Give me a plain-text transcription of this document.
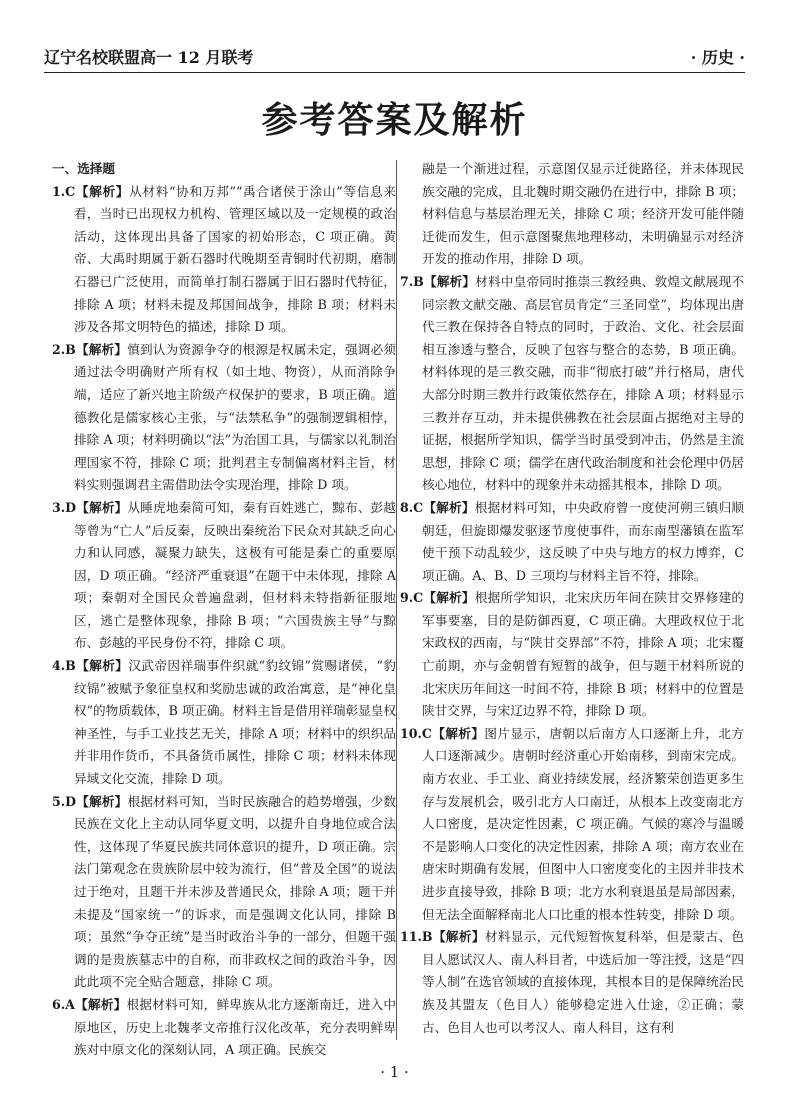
辽宁名校联盟高一 12 月联考	· 历史 ·
参考答案及解析

一、选择题

1.C【解析】从材料“协和万邦”“禹合诸侯于涂山”等信息来看，当时已出现权力机构、管理区域以及一定规模的政治活动，这体现出具备了国家的初始形态，C 项正确。黄帝、大禹时期属于新石器时代晚期至青铜时代初期，磨制石器已广泛使用，而简单打制石器属于旧石器时代特征，排除 A 项；材料未提及邦国间战争，排除 B 项；材料未涉及各邦文明特色的描述，排除 D 项。

2.B【解析】慎到认为资源争夺的根源是权属未定，强调必须通过法令明确财产所有权（如土地、物资），从而消除争端，适应了新兴地主阶级产权保护的要求，B 项正确。道德教化是儒家核心主张，与“法禁私争”的强制逻辑相悖，排除 A 项；材料明确以“法”为治国工具，与儒家以礼制治理国家不符，排除 C 项；批判君主专制偏离材料主旨，材料实则强调君主需借助法令实现治理，排除 D 项。

3.D【解析】从睡虎地秦简可知，秦有百姓逃亡，黥布、彭越等曾为“亡人”后反秦，反映出秦统治下民众对其缺乏向心力和认同感，凝聚力缺失，这极有可能是秦亡的重要原因，D 项正确。“经济严重衰退”在题干中未体现，排除 A 项；秦朝对全国民众普遍盘剥，但材料未特指新征服地区，逃亡是整体现象，排除 B 项；“六国贵族主导”与黥布、彭越的平民身份不符，排除 C 项。

4.B【解析】汉武帝因祥瑞事件织就“豹纹锦”赏赐诸侯，“豹纹锦”被赋予象征皇权和奖励忠诚的政治寓意，是“神化皇权”的物质载体，B 项正确。材料主旨是借用祥瑞彰显皇权神圣性，与手工业技艺无关，排除 A 项；材料中的织织品并非用作货币，不具备货币属性，排除 C 项；材料未体现异域文化交流，排除 D 项。

5.D【解析】根据材料可知，当时民族融合的趋势增强，少数民族在文化上主动认同华夏文明，以提升自身地位或合法性，这体现了华夏民族共同体意识的提升，D 项正确。宗法门第观念在贵族阶层中较为流行，但“普及全国”的说法过于绝对，且题干并未涉及普通民众，排除 A 项；题干并未提及“国家统一”的诉求，而是强调文化认同，排除 B 项；虽然“争夺正统”是当时政治斗争的一部分，但题干强调的是贵族墓志中的自称，而非政权之间的政治斗争，因此此项不完全贴合题意，排除 C 项。

6.A【解析】根据材料可知，鲜卑族从北方逐渐南迁，进入中原地区，历史上北魏孝文帝推行汉化改革，充分表明鲜卑族对中原文化的深刻认同，A 项正确。民族交

融是一个渐进过程，示意图仅显示迁徙路径，并未体现民族交融的完成，且北魏时期交融仍在进行中，排除 B 项；材料信息与基层治理无关，排除 C 项；经济开发可能伴随迁徙而发生，但示意图聚焦地理移动，未明确显示对经济开发的推动作用，排除 D 项。

7.B【解析】材料中皇帝同时推崇三教经典、敦煌文献展现不同宗教文献交融、高层官员肯定“三圣同堂”，均体现出唐代三教在保持各自特点的同时，于政治、文化、社会层面相互渗透与整合，反映了包容与整合的态势，B 项正确。材料体现的是三教交融，而非“彻底打破”并行格局，唐代大部分时期三教并行政策依然存在，排除 A 项；材料显示三教并存互动，并未提供佛教在社会层面占据绝对主导的证据，根据所学知识，儒学当时虽受到冲击，仍然是主流思想，排除 C 项；儒学在唐代政治制度和社会伦理中仍居核心地位，材料中的现象并未动摇其根本，排除 D 项。

8.C【解析】根据材料可知，中央政府曾一度使河朔三镇归顺朝廷，但旋即爆发驱逐节度使事件，而东南型藩镇在监军使干预下动乱较少，这反映了中央与地方的权力博弈，C 项正确。A、B、D 三项均与材料主旨不符，排除。

9.C【解析】根据所学知识，北宋庆历年间在陕甘交界修建的军事要塞，目的是防御西夏，C 项正确。大理政权位于北宋政权的西南，与“陕甘交界部”不符，排除 A 项；北宋覆亡前期，亦与金朝曾有短暂的战争，但与题干材料所说的北宋庆历年间这一时间不符，排除 B 项；材料中的位置是陕甘交界，与宋辽边界不符，排除 D 项。

10.C【解析】图片显示，唐朝以后南方人口逐渐上升，北方人口逐渐减少。唐朝时经济重心开始南移，到南宋完成。南方农业、手工业、商业持续发展，经济繁荣创造更多生存与发展机会，吸引北方人口南迁，从根本上改变南北方人口密度，是决定性因素，C 项正确。气候的寒冷与温暖不是影响人口变化的决定性因素，排除 A 项；南方农业在唐宋时期确有发展，但图中人口密度变化的主因并非技术进步直接导致，排除 B 项；北方水利衰退虽是局部因素，但无法全面解释南北人口比重的根本性转变，排除 D 项。

11.B【解析】材料显示，元代短暂恢复科举，但是蒙古、色目人愿试汉人、南人科目者，中选后加一等注授，这是“四等人制”在选官领域的直接体现，其根本目的是保障统治民族及其盟友（色目人）能够稳定进入仕途，②正确；蒙古、色目人也可以考汉人、南人科目，这有利

· 1 ·
